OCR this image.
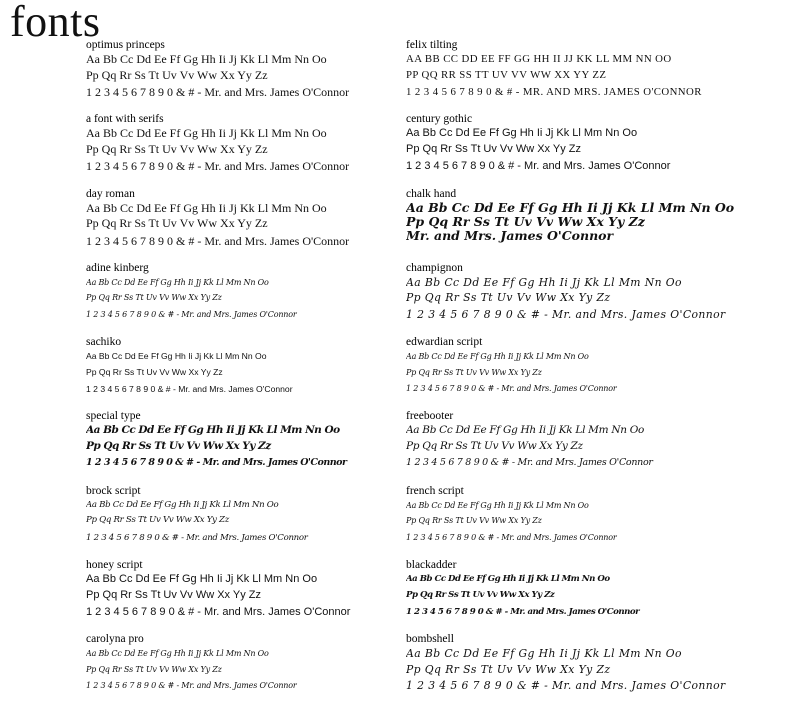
fonts
optimus princeps
Aa Bb Cc Dd Ee Ff Gg Hh Ii Jj Kk Ll Mm Nn Oo
Pp Qq Rr Ss Tt Uv Vv Ww Xx Yy Zz
1 2 3 4 5 6 7 8 9 0 & # - Mr. and Mrs. James O'Connor
a font with serifs
Aa Bb Cc Dd Ee Ff Gg Hh Ii Jj Kk Ll Mm Nn Oo
Pp Qq Rr Ss Tt Uv Vv Ww Xx Yy Zz
1 2 3 4 5 6 7 8 9 0 & # - Mr. and Mrs. James O'Connor
day roman
Aa Bb Cc Dd Ee Ff Gg Hh Ii Jj Kk Ll Mm Nn Oo
Pp Qq Rr Ss Tt Uv Vv Ww Xx Yy Zz
1 2 3 4 5 6 7 8 9 0 & # - Mr. and Mrs. James O'Connor
adine kinberg
Aa Bb Cc Dd Ee Ff Gg Hh Ii Jj Kk Ll Mm Nn Oo
Pp Qq Rr Ss Tt Uv Vv Ww Xx Yy Zz
1 2 3 4 5 6 7 8 9 0 & # - Mr. and Mrs. James O'Connor
sachiko
Aa Bb Cc Dd Ee Ff Gg Hh Ii Jj Kk Ll Mm Nn Oo
Pp Qq Rr Ss Tt Uv Vv Ww Xx Yy Zz
1 2 3 4 5 6 7 8 9 0 & # - Mr. and Mrs. James O'Connor
special type
Aa Bb Cc Dd Ee Ff Gg Hh Ii Jj Kk Ll Mm Nn Oo
Pp Qq Rr Ss Tt Uv Vv Ww Xx Yy Zz
1 2 3 4 5 6 7 8 9 0 & # - Mr. and Mrs. James O'Connor
brock script
Aa Bb Cc Dd Ee Ff Gg Hh Ii Jj Kk Ll Mm Nn Oo
Pp Qq Rr Ss Tt Uv Vv Ww Xx Yy Zz
1 2 3 4 5 6 7 8 9 0 & # - Mr. and Mrs. James O'Connor
honey script
Aa Bb Cc Dd Ee Ff Gg Hh Ii Jj Kk Ll Mm Nn Oo
Pp Qq Rr Ss Tt Uv Vv Ww Xx Yy Zz
1 2 3 4 5 6 7 8 9 0 & # - Mr. and Mrs. James O'Connor
carolyna pro
Aa Bb Cc Dd Ee Ff Gg Hh Ii Jj Kk Ll Mm Nn Oo
Pp Qq Rr Ss Tt Uv Vv Ww Xx Yy Zz
1 2 3 4 5 6 7 8 9 0 & # - Mr. and Mrs. James O'Connor
felix tilting
AA BB CC DD EE FF GG HH II JJ KK LL MM NN OO
PP QQ RR SS TT UV VV WW XX YY ZZ
1 2 3 4 5 6 7 8 9 0 & # - MR. AND MRS. JAMES O'CONNOR
century gothic
Aa Bb Cc Dd Ee Ff Gg Hh Ii Jj Kk Ll Mm Nn Oo
Pp Qq Rr Ss Tt Uv Vv Ww Xx Yy Zz
1 2 3 4 5 6 7 8 9 0 & # - Mr. and Mrs. James O'Connor
chalk hand
Aa Bb Cc Dd Ee Ff Gg Hh Ii Jj Kk Ll Mm Nn Oo
Pp Qq Rr Ss Tt Uv Vv Ww Xx Yy Zz
Mr. and Mrs. James O'Connor
champignon
Aa Bb Cc Dd Ee Ff Gg Hh Ii Jj Kk Ll Mm Nn Oo
Pp Qq Rr Ss Tt Uv Vv Ww Xx Yy Zz
1 2 3 4 5 6 7 8 9 0 & # - Mr. and Mrs. James O'Connor
edwardian script
Aa Bb Cc Dd Ee Ff Gg Hh Ii Jj Kk Ll Mm Nn Oo
Pp Qq Rr Ss Tt Uv Vv Ww Xx Yy Zz
1 2 3 4 5 6 7 8 9 0 & # - Mr. and Mrs. James O'Connor
freebooter
Aa Bb Cc Dd Ee Ff Gg Hh Ii Jj Kk Ll Mm Nn Oo
Pp Qq Rr Ss Tt Uv Vv Ww Xx Yy Zz
1 2 3 4 5 6 7 8 9 0 & # - Mr. and Mrs. James O'Connor
french script
Aa Bb Cc Dd Ee Ff Gg Hh Ii Jj Kk Ll Mm Nn Oo
Pp Qq Rr Ss Tt Uv Vv Ww Xx Yy Zz
1 2 3 4 5 6 7 8 9 0 & # - Mr. and Mrs. James O'Connor
blackadder
Aa Bb Cc Dd Ee Ff Gg Hh Ii Jj Kk Ll Mm Nn Oo
Pp Qq Rr Ss Tt Uv Vv Ww Xx Yy Zz
1 2 3 4 5 6 7 8 9 0 & # - Mr. and Mrs. James O'Connor
bombshell
Aa Bb Cc Dd Ee Ff Gg Hh Ii Jj Kk Ll Mm Nn Oo
Pp Qq Rr Ss Tt Uv Vv Ww Xx Yy Zz
1 2 3 4 5 6 7 8 9 0 & # - Mr. and Mrs. James O'Connor
